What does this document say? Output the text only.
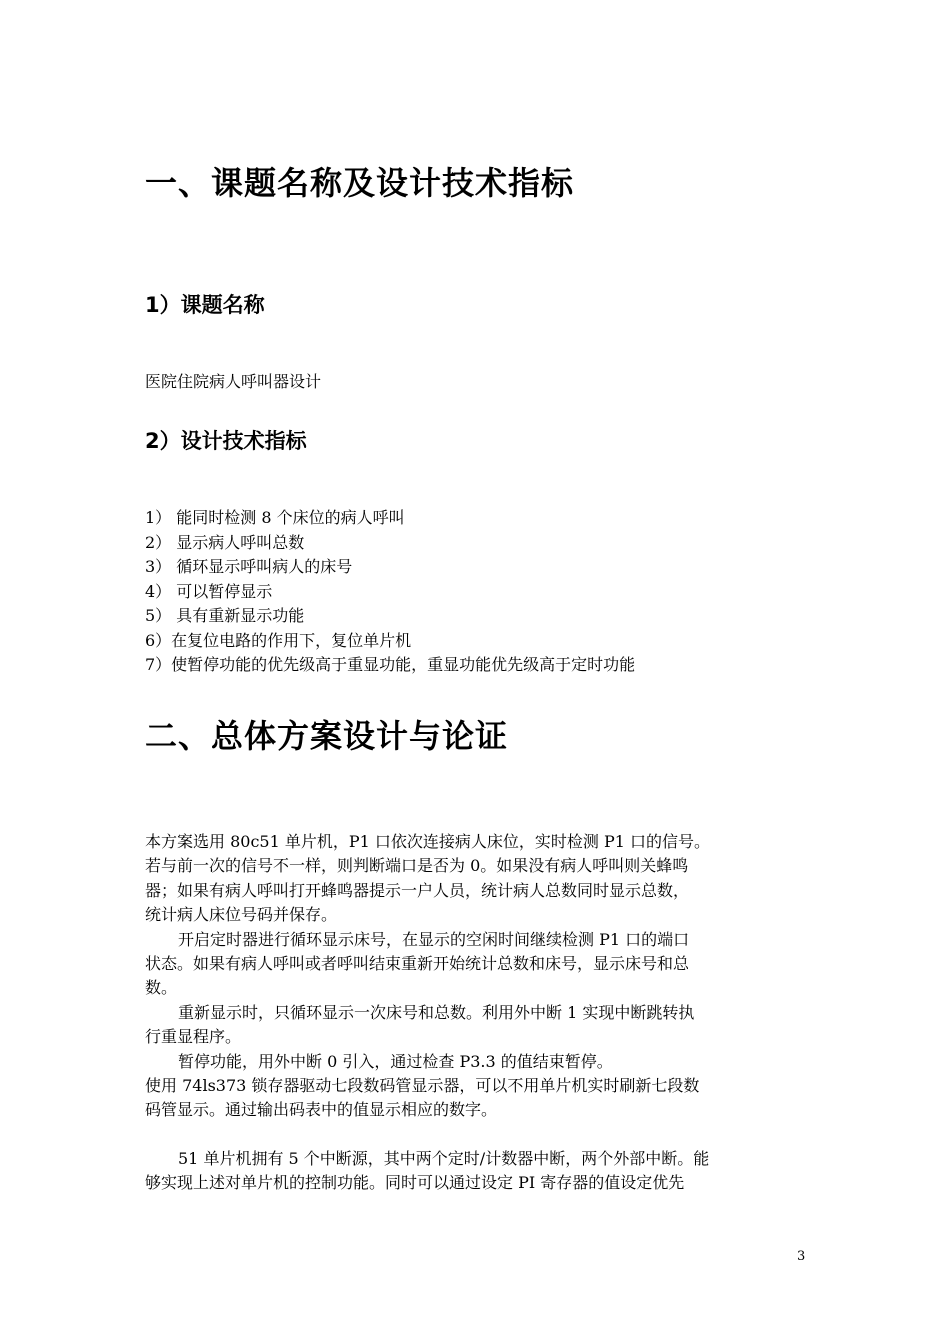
一、课题名称及设计技术指标
1）课题名称
医院住院病人呼叫器设计
2）设计技术指标
1） 能同时检测 8 个床位的病人呼叫
2） 显示病人呼叫总数
3） 循环显示呼叫病人的床号
4） 可以暂停显示
5） 具有重新显示功能
6）在复位电路的作用下，复位单片机
7）使暂停功能的优先级高于重显功能，重显功能优先级高于定时功能
二、总体方案设计与论证
本方案选用 80c51 单片机，P1 口依次连接病人床位，实时检测 P1 口的信号。
若与前一次的信号不一样，则判断端口是否为 0。如果没有病人呼叫则关蜂鸣
器；如果有病人呼叫打开蜂鸣器提示一户人员，统计病人总数同时显示总数，
统计病人床位号码并保存。
开启定时器进行循环显示床号，在显示的空闲时间继续检测 P1 口的端口
状态。如果有病人呼叫或者呼叫结束重新开始统计总数和床号，显示床号和总
数。
重新显示时，只循环显示一次床号和总数。利用外中断 1 实现中断跳转执
行重显程序。
暂停功能，用外中断 0 引入，通过检查 P3.3 的值结束暂停。
使用 74ls373 锁存器驱动七段数码管显示器，可以不用单片机实时刷新七段数
码管显示。通过输出码表中的值显示相应的数字。
51 单片机拥有 5 个中断源，其中两个定时/计数器中断，两个外部中断。能
够实现上述对单片机的控制功能。同时可以通过设定 PI 寄存器的值设定优先
3
